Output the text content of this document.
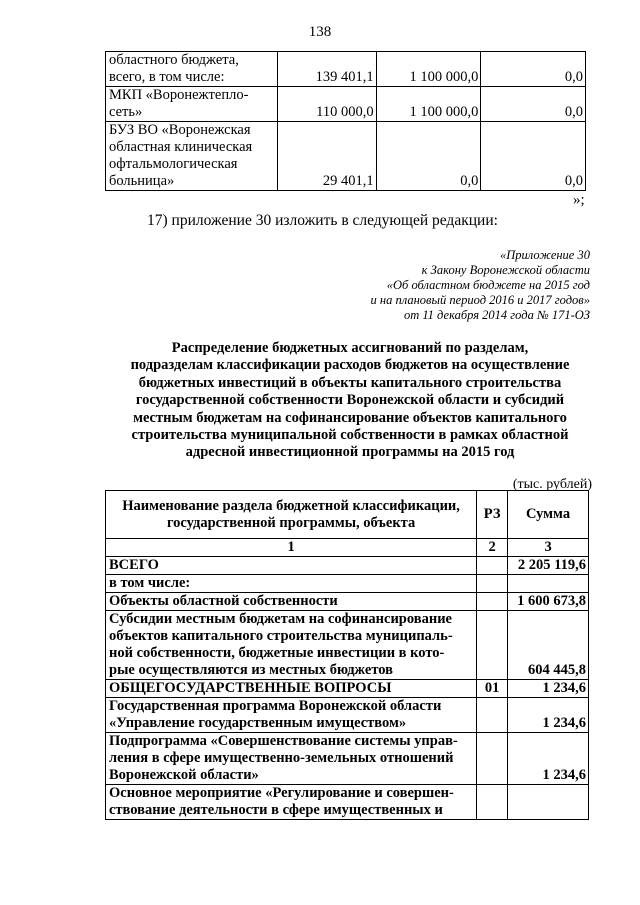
138
областного бюджета,
всего, в том числе:	139 401,1	1 100 000,0	0,0

МКП «Воронежтепло-
сеть»	110 000,0	1 100 000,0	0,0

БУЗ ВО «Воронежская
областная клиническая
офтальмологическая
больница»	29 401,1	0,0	0,0
»;
17) приложение 30 изложить в следующей редакции:
«Приложение 30
к Закону Воронежской области
«Об областном бюджете на 2015 год
и на плановый период 2016 и 2017 годов»
от 11 декабря 2014 года № 171-ОЗ
Распределение бюджетных ассигнований по разделам,
подразделам классификации расходов бюджетов на осуществление
бюджетных инвестиций в объекты капитального строительства
государственной собственности Воронежской области и субсидий
местным бюджетам на софинансирование объектов капитального
строительства муниципальной собственности в рамках областной
адресной инвестиционной программы на 2015 год
(тыс. рублей)
Наименование раздела бюджетной классификации,
государственной программы, объекта	РЗ	Сумма
1	2	3

ВСЕГО		2 205 119,6

в том числе:		

Объекты областной собственности		1 600 673,8

Субсидии местным бюджетам на софинансирование
объектов капитального строительства муниципаль-
ной собственности, бюджетные инвестиции в кото-
рые осуществляются из местных бюджетов		604 445,8

ОБЩЕГОСУДАРСТВЕННЫЕ ВОПРОСЫ	01	1 234,6

Государственная программа Воронежской области
«Управление государственным имуществом»		1 234,6

Подпрограмма «Совершенствование системы управ-
ления в сфере имущественно-земельных отношений
Воронежской области»		1 234,6

Основное мероприятие «Регулирование и совершен-
ствование деятельности в сфере имущественных и		
